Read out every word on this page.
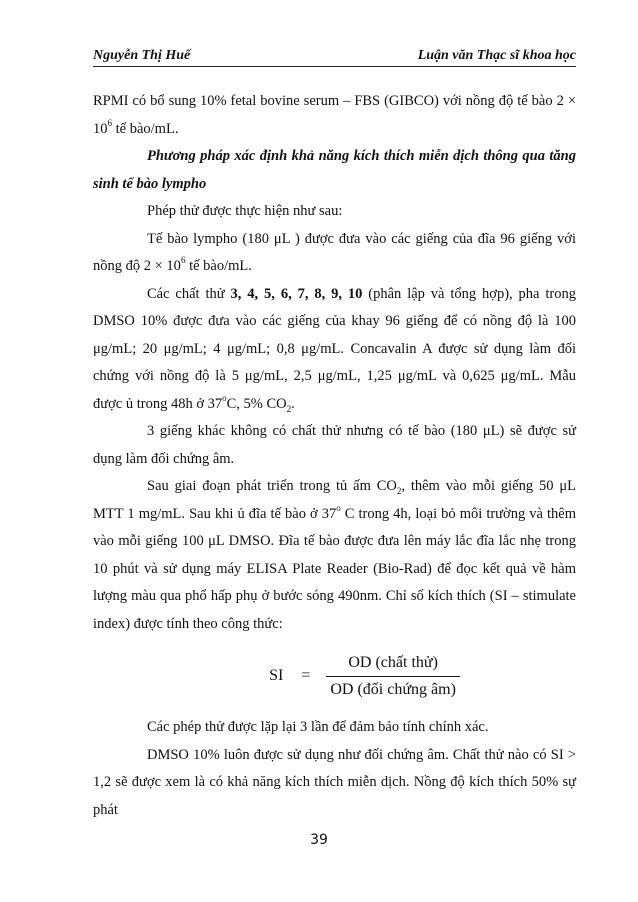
Nguyễn Thị Huế	Luận văn Thạc sĩ khoa học

RPMI có bổ sung 10% fetal bovine serum – FBS (GIBCO) với nồng độ tế bào $2 \times 10^6$ tế bào/mL.

Phương pháp xác định khả năng kích thích miễn dịch thông qua tăng sinh tế bào lympho

Phép thử được thực hiện như sau:

Tế bào lympho (180 μL ) được đưa vào các giếng của đĩa 96 giếng với nồng độ $2 \times 10^6$ tế bào/mL.

Các chất thử 3, 4, 5, 6, 7, 8, 9, 10 (phân lập và tổng hợp), pha trong DMSO 10% được đưa vào các giếng của khay 96 giếng để có nồng độ là 100 μg/mL; 20 μg/mL; 4 μg/mL; 0,8 μg/mL. Concavalin A được sử dụng làm đối chứng với nồng độ là 5 μg/mL, 2,5 μg/mL, 1,25 μg/mL và 0,625 μg/mL. Mẫu được ủ trong 48h ở 37$^o$C, 5% $CO_2$.

3 giếng khác không có chất thử nhưng có tế bào (180 μL) sẽ được sử dụng làm đối chứng âm.

Sau giai đoạn phát triển trong tủ ấm $CO_2$, thêm vào mỗi giếng 50 μL MTT 1 mg/mL. Sau khi ủ đĩa tế bào ở 37$^o$ C trong 4h, loại bỏ môi trường và thêm vào mỗi giếng 100 μL DMSO. Đĩa tế bào được đưa lên máy lắc đĩa lắc nhẹ trong 10 phút và sử dụng máy ELISA Plate Reader (Bio-Rad) để đọc kết quả về hàm lượng màu qua phổ hấp phụ ở bước sóng 490nm. Chỉ số kích thích (SI – stimulate index) được tính theo công thức:

SI = $\frac{\text{OD (chất thử)}}{\text{OD (đối chứng âm)}}$

Các phép thử được lặp lại 3 lần để đảm bảo tính chính xác.

DMSO 10% luôn được sử dụng như đối chứng âm. Chất thử nào có SI > 1,2 sẽ được xem là có khả năng kích thích miễn dịch. Nồng độ kích thích 50% sự phát

39
